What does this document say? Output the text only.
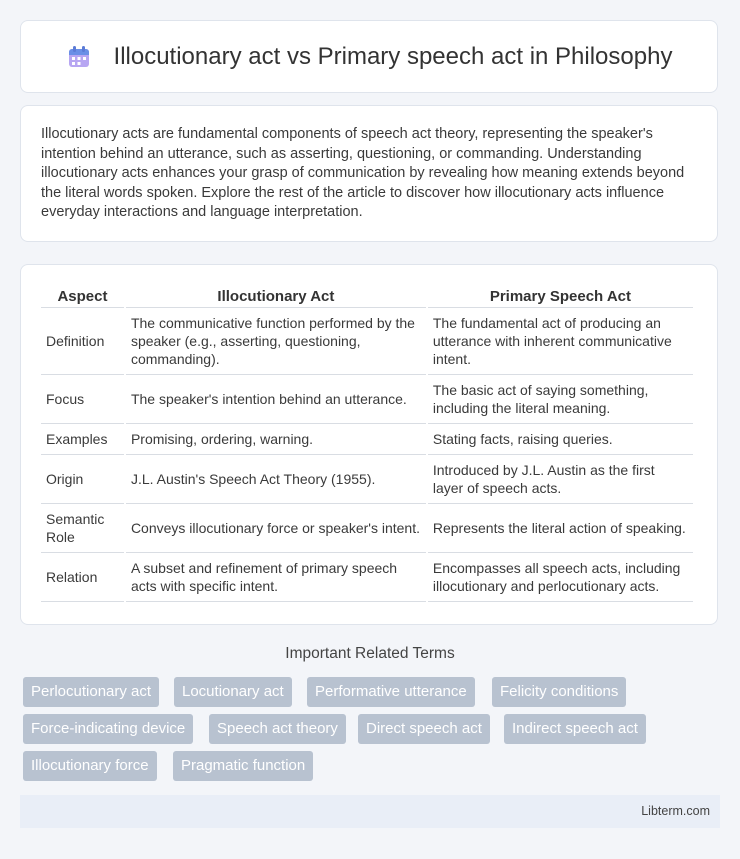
Illocutionary act vs Primary speech act in Philosophy

Illocutionary acts are fundamental components of speech act theory, representing the speaker's intention behind an utterance, such as asserting, questioning, or commanding. Understanding illocutionary acts enhances your grasp of communication by revealing how meaning extends beyond the literal words spoken. Explore the rest of the article to discover how illocutionary acts influence everyday interactions and language interpretation.

Aspect	Illocutionary Act	Primary Speech Act
Definition	The communicative function performed by the speaker (e.g., asserting, questioning, commanding).	The fundamental act of producing an utterance with inherent communicative intent.
Focus	The speaker's intention behind an utterance.	The basic act of saying something, including the literal meaning.
Examples	Promising, ordering, warning.	Stating facts, raising queries.
Origin	J.L. Austin's Speech Act Theory (1955).	Introduced by J.L. Austin as the first layer of speech acts.
Semantic Role	Conveys illocutionary force or speaker's intent.	Represents the literal action of speaking.
Relation	A subset and refinement of primary speech acts with specific intent.	Encompasses all speech acts, including illocutionary and perlocutionary acts.
Important Related Terms
Perlocutionary act	Locutionary act	Performative utterance	Felicity conditions
Force-indicating device	Speech act theory	Direct speech act	Indirect speech act
Illocutionary force	Pragmatic function
Libterm.com
